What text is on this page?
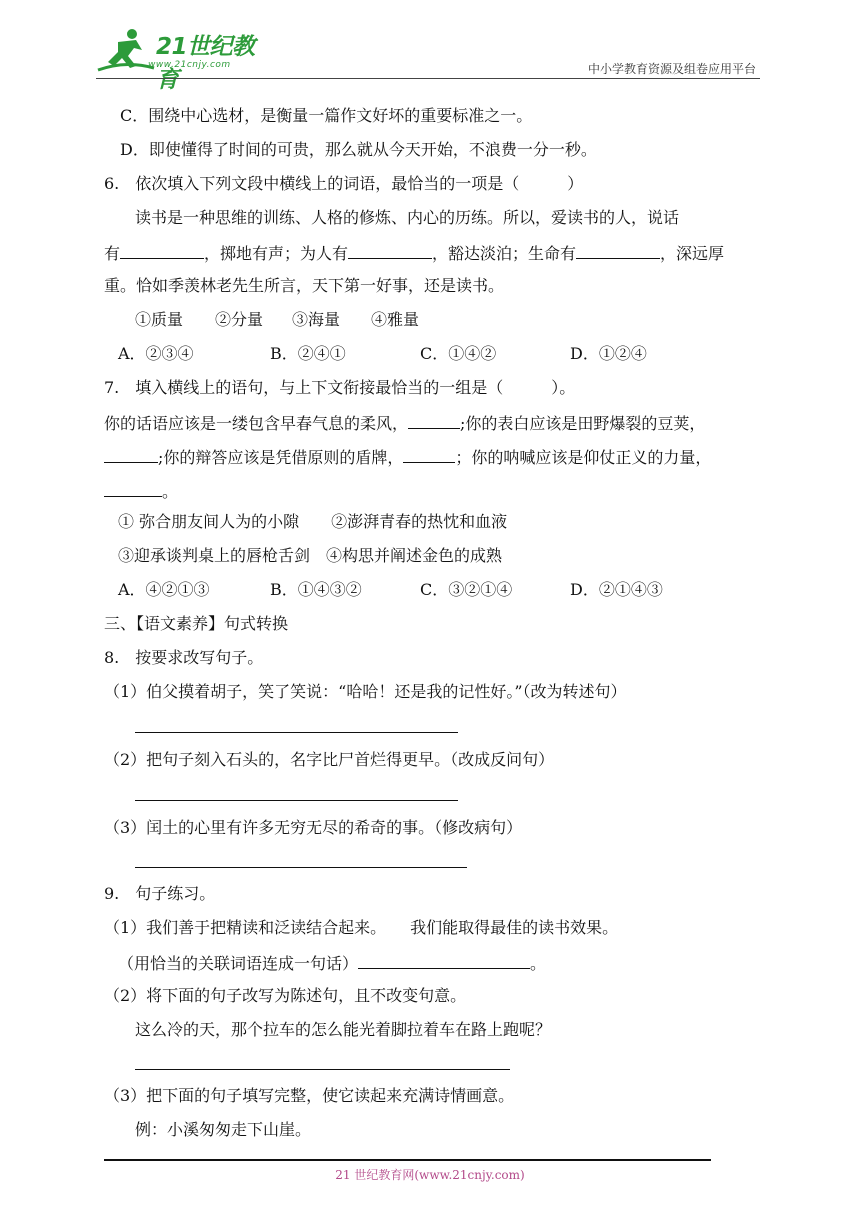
21世纪教育
www.21cnjy.com	中小学教育资源及组卷应用平台
C．围绕中心选材，是衡量一篇作文好坏的重要标准之一。
D．即使懂得了时间的可贵，那么就从今天开始，不浪费一分一秒。
6.　依次填入下列文段中横线上的词语，最恰当的一项是（　　　）
读书是一种思维的训练、人格的修炼、内心的历练。所以，爱读书的人，说话
有	，掷地有声；为人有	，豁达淡泊；生命有	，深远厚
重。恰如季羡林老先生所言，天下第一好事，还是读书。
①质量 ②分量 ③海量 ④雅量
A．②③④	B．②④①	C．①④②	D．①②④
7.　填入横线上的语句，与上下文衔接最恰当的一组是（　　　）。
你的话语应该是一缕包含早春气息的柔风，	;你的表白应该是田野爆裂的豆荚，
;你的辩答应该是凭借原则的盾牌，	；你的呐喊应该是仰仗正义的力量，
。
① 弥合朋友间人为的小隙　　②澎湃青春的热忱和血液
③迎承谈判桌上的唇枪舌剑　④构思并阐述金色的成熟
A．④②①③	B．①④③②	C．③②①④	D．②①④③
三、【语文素养】句式转换
8.　按要求改写句子。
（1）伯父摸着胡子，笑了笑说：“哈哈！还是我的记性好。”（改为转述句）
（2）把句子刻入石头的，名字比尸首烂得更早。（改成反问句）
（3）闰土的心里有许多无穷无尽的希奇的事。（修改病句）
9.　句子练习。
（1）我们善于把精读和泛读结合起来。　　我们能取得最佳的读书效果。
（用恰当的关联词语连成一句话）	。
（2）将下面的句子改写为陈述句，且不改变句意。
这么冷的天，那个拉车的怎么能光着脚拉着车在路上跑呢？
（3）把下面的句子填写完整，使它读起来充满诗情画意。
例：小溪匆匆走下山崖。
21 世纪教育网(www.21cnjy.com)
